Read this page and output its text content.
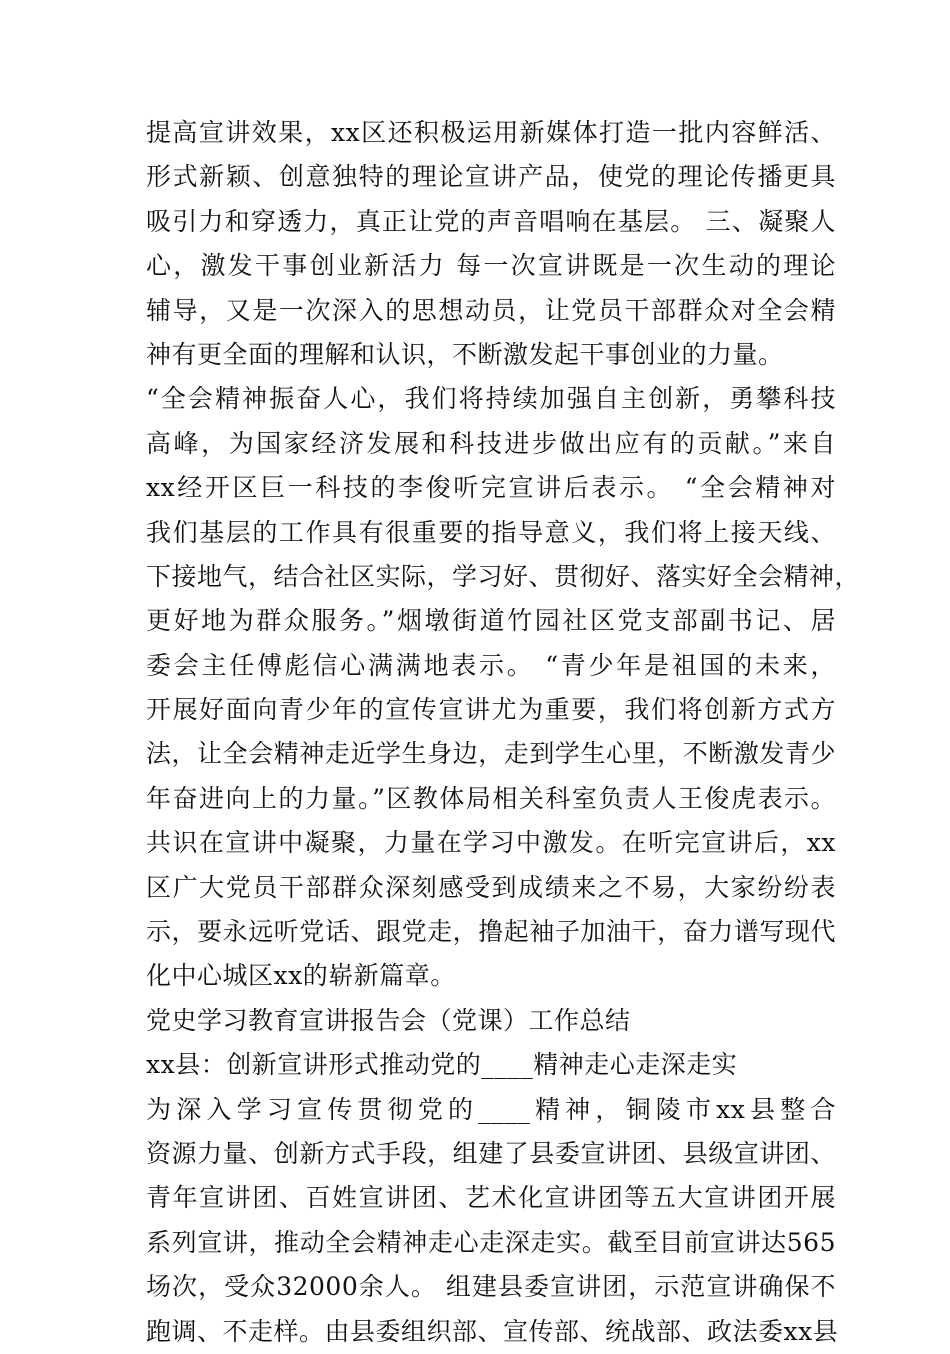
提高宣讲效果，xx区还积极运用新媒体打造一批内容鲜活、
形式新颖、创意独特的理论宣讲产品，使党的理论传播更具
吸引力和穿透力，真正让党的声音唱响在基层。 三、凝聚人
心，激发干事创业新活力 每一次宣讲既是一次生动的理论
辅导，又是一次深入的思想动员，让党员干部群众对全会精
神有更全面的理解和认识，不断激发起干事创业的力量。
“全会精神振奋人心，我们将持续加强自主创新，勇攀科技
高峰，为国家经济发展和科技进步做出应有的贡献。”来自
xx经开区巨一科技的李俊听完宣讲后表示。 “全会精神对
我们基层的工作具有很重要的指导意义，我们将上接天线、
下接地气，结合社区实际，学习好、贯彻好、落实好全会精神，
更好地为群众服务。”烟墩街道竹园社区党支部副书记、居
委会主任傅彪信心满满地表示。 “青少年是祖国的未来，
开展好面向青少年的宣传宣讲尤为重要，我们将创新方式方
法，让全会精神走近学生身边，走到学生心里，不断激发青少
年奋进向上的力量。”区教体局相关科室负责人王俊虎表示。
共识在宣讲中凝聚，力量在学习中激发。在听完宣讲后，xx
区广大党员干部群众深刻感受到成绩来之不易，大家纷纷表
示，要永远听党话、跟党走，撸起袖子加油干，奋力谱写现代
化中心城区xx的崭新篇章。
党史学习教育宣讲报告会（党课）工作总结
xx县：创新宣讲形式推动党的____精神走心走深走实
为深入学习宣传贯彻党的____精神，铜陵市xx县整合
资源力量、创新方式手段，组建了县委宣讲团、县级宣讲团、
青年宣讲团、百姓宣讲团、艺术化宣讲团等五大宣讲团开展
系列宣讲，推动全会精神走心走深走实。截至目前宣讲达565
场次，受众32000余人。 组建县委宣讲团，示范宣讲确保不
跑调、不走样。由县委组织部、宣传部、统战部、政法委xx县
